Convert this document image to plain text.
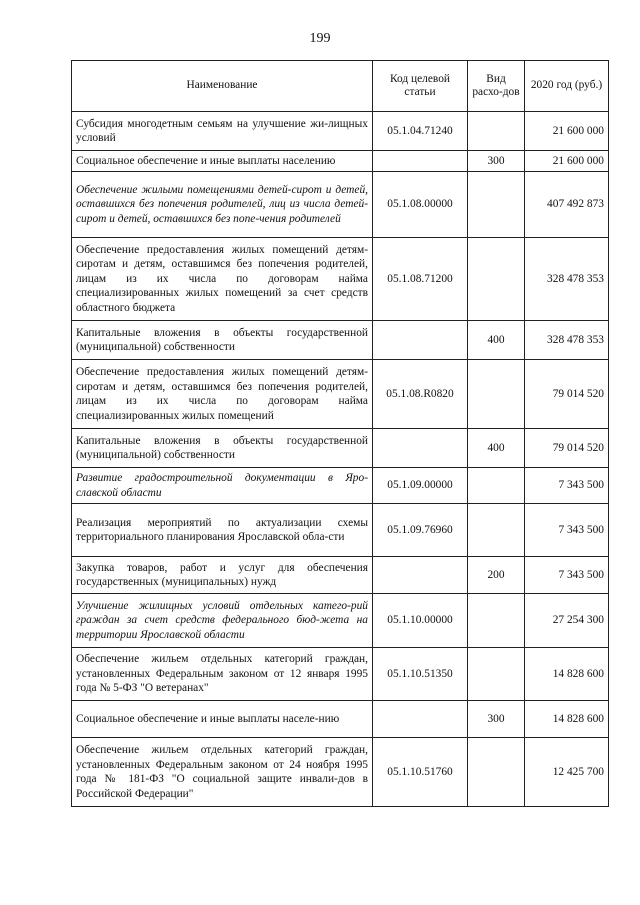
199
Наименование	Код целевой статьи	Вид расхо-дов	2020 год (руб.)
Субсидия многодетным семьям на улучшение жи-лищных условий	05.1.04.71240		21 600 000
Социальное обеспечение и иные выплаты населению		300	21 600 000
Обеспечение жилыми помещениями детей-сирот и детей, оставшихся без попечения родителей, лиц из числа детей-сирот и детей, оставшихся без попе-чения родителей	05.1.08.00000		407 492 873
Обеспечение предоставления жилых помещений детям-сиротам и детям, оставшимся без попечения родителей, лицам из их числа по договорам найма специализированных жилых помещений за счет средств областного бюджета	05.1.08.71200		328 478 353
Капитальные вложения в объекты государственной (муниципальной) собственности		400	328 478 353
Обеспечение предоставления жилых помещений детям-сиротам и детям, оставшимся без попечения родителей, лицам из их числа по договорам найма специализированных жилых помещений	05.1.08.R0820		79 014 520
Капитальные вложения в объекты государственной (муниципальной) собственности		400	79 014 520
Развитие градостроительной документации в Яро-славской области	05.1.09.00000		7 343 500
Реализация мероприятий по актуализации схемы территориального планирования Ярославской обла-сти	05.1.09.76960		7 343 500
Закупка товаров, работ и услуг для обеспечения государственных (муниципальных) нужд		200	7 343 500
Улучшение жилищных условий отдельных катего-рий граждан за счет средств федерального бюд-жета на территории Ярославской области	05.1.10.00000		27 254 300
Обеспечение жильем отдельных категорий граждан, установленных Федеральным законом от 12 января 1995 года № 5-ФЗ "О ветеранах"	05.1.10.51350		14 828 600
Социальное обеспечение и иные выплаты населе-нию		300	14 828 600
Обеспечение жильем отдельных категорий граждан, установленных Федеральным законом от 24 ноября 1995 года № 181-ФЗ "О социальной защите инвали-дов в Российской Федерации"	05.1.10.51760		12 425 700
